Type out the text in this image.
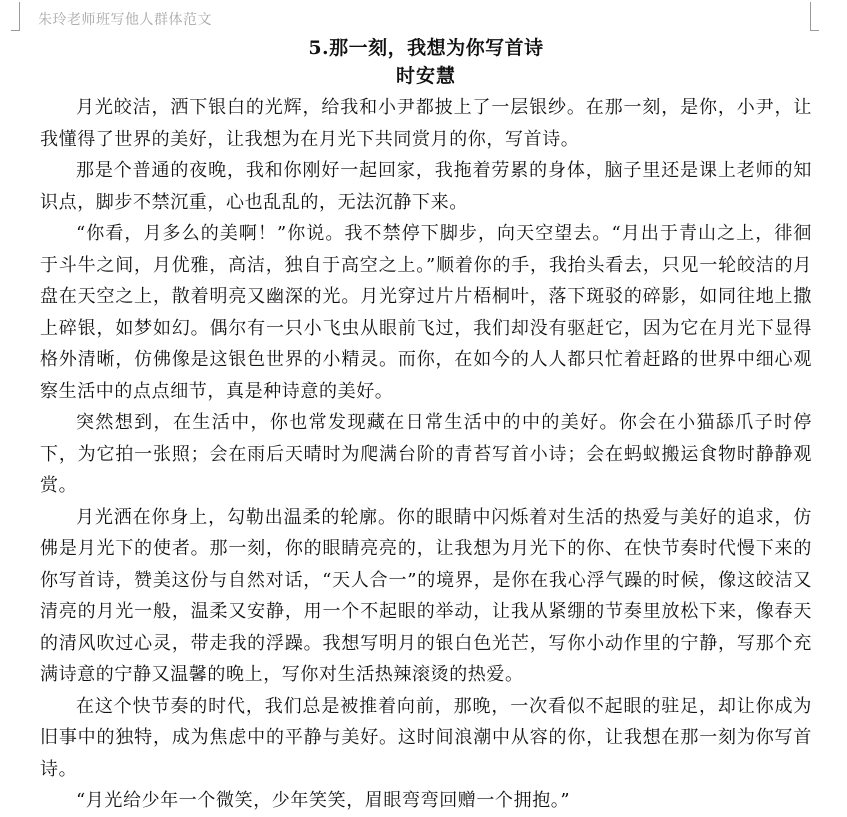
朱玲老师班写他人群体范文

5.那一刻，我想为你写首诗

时安慧

月光皎洁，洒下银白的光辉，给我和小尹都披上了一层银纱。在那一刻，是你，小尹，让我懂得了世界的美好，让我想为在月光下共同赏月的你，写首诗。

那是个普通的夜晚，我和你刚好一起回家，我拖着劳累的身体，脑子里还是课上老师的知识点，脚步不禁沉重，心也乱乱的，无法沉静下来。

“你看，月多么的美啊！”你说。我不禁停下脚步，向天空望去。“月出于青山之上，徘徊于斗牛之间，月优雅，高洁，独自于高空之上。”顺着你的手，我抬头看去，只见一轮皎洁的月盘在天空之上，散着明亮又幽深的光。月光穿过片片梧桐叶，落下斑驳的碎影，如同往地上撒上碎银，如梦如幻。偶尔有一只小飞虫从眼前飞过，我们却没有驱赶它，因为它在月光下显得格外清晰，仿佛像是这银色世界的小精灵。而你，在如今的人人都只忙着赶路的世界中细心观察生活中的点点细节，真是种诗意的美好。

突然想到，在生活中，你也常发现藏在日常生活中的中的美好。你会在小猫舔爪子时停下，为它拍一张照；会在雨后天晴时为爬满台阶的青苔写首小诗；会在蚂蚁搬运食物时静静观赏。

月光洒在你身上，勾勒出温柔的轮廓。你的眼睛中闪烁着对生活的热爱与美好的追求，仿佛是月光下的使者。那一刻，你的眼睛亮亮的，让我想为月光下的你、在快节奏时代慢下来的你写首诗，赞美这份与自然对话，“天人合一”的境界，是你在我心浮气躁的时候，像这皎洁又清亮的月光一般，温柔又安静，用一个不起眼的举动，让我从紧绷的节奏里放松下来，像春天的清风吹过心灵，带走我的浮躁。我想写明月的银白色光芒，写你小动作里的宁静，写那个充满诗意的宁静又温馨的晚上，写你对生活热辣滚烫的热爱。

在这个快节奏的时代，我们总是被推着向前，那晚，一次看似不起眼的驻足，却让你成为旧事中的独特，成为焦虑中的平静与美好。这时间浪潮中从容的你，让我想在那一刻为你写首诗。

“月光给少年一个微笑，少年笑笑，眉眼弯弯回赠一个拥抱。”
